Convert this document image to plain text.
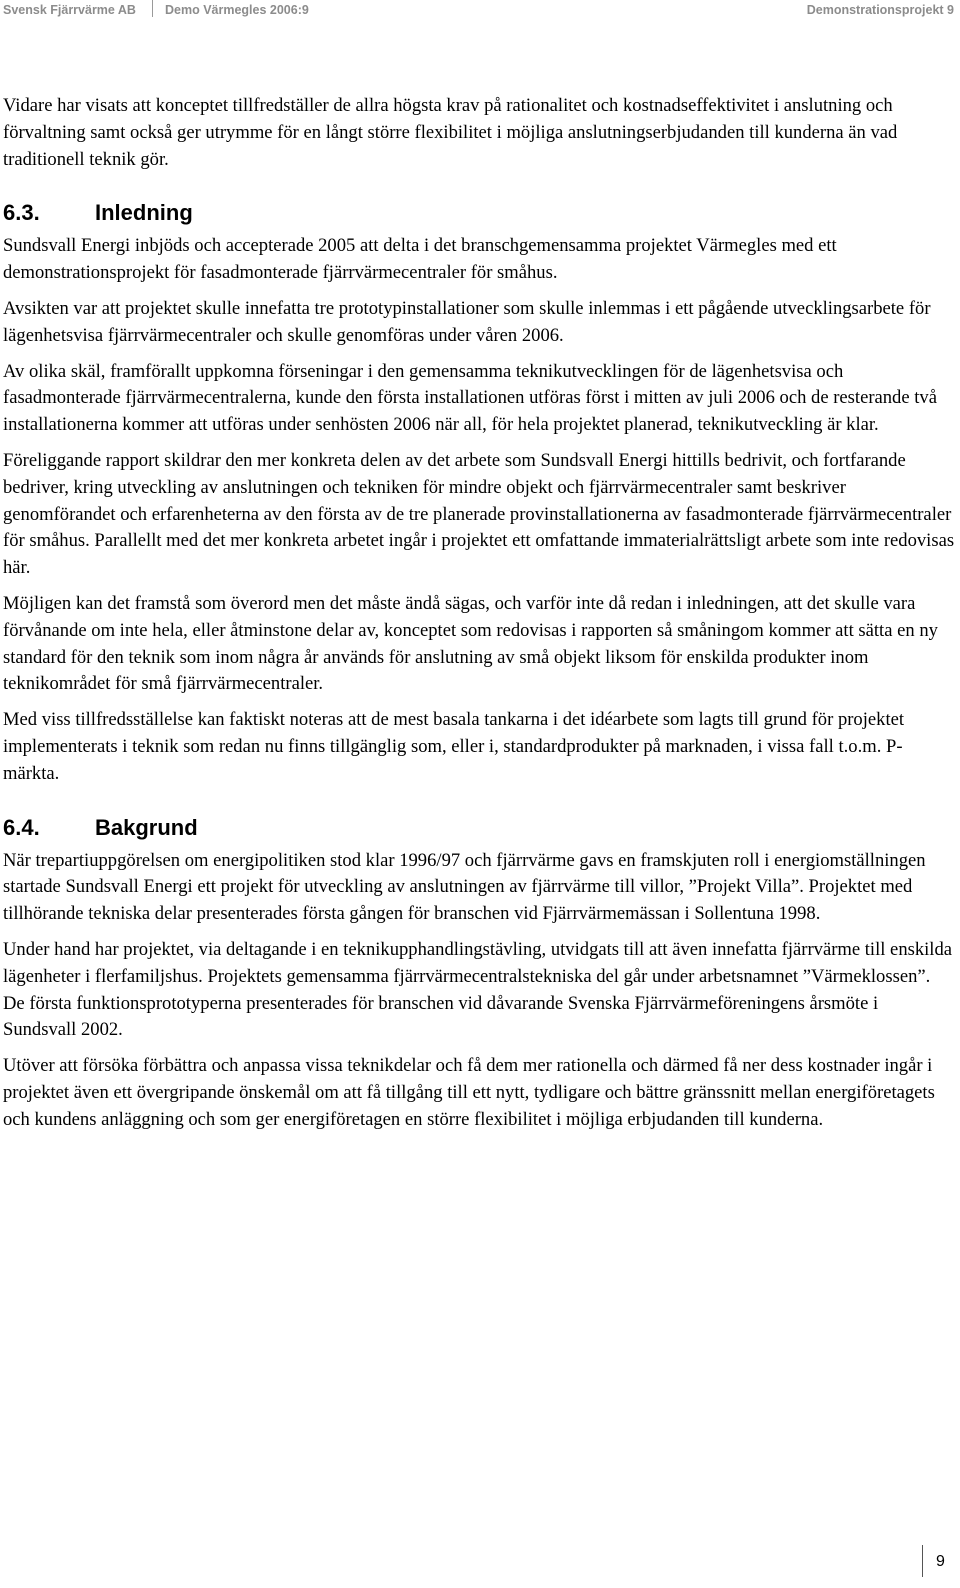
Svensk Fjärrvärme AB Demo Värmegles 2006:9	Demonstrationsprojekt 9

Vidare har visats att konceptet tillfredställer de allra högsta krav på rationalitet och kostnadseffektivitet i anslutning och förvaltning samt också ger utrymme för en långt större flexibilitet i möjliga anslutningserbjudanden till kunderna än vad traditionell teknik gör.

6.3.	Inledning

Sundsvall Energi inbjöds och accepterade 2005 att delta i det branschgemensamma projektet Värmegles med ett demonstrationsprojekt för fasadmonterade fjärrvärmecentraler för småhus.

Avsikten var att projektet skulle innefatta tre prototypinstallationer som skulle inlemmas i ett pågående utvecklingsarbete för lägenhetsvisa fjärrvärmecentraler och skulle genomföras under våren 2006.

Av olika skäl, framförallt uppkomna förseningar i den gemensamma teknikutvecklingen för de lägenhetsvisa och fasadmonterade fjärrvärmecentralerna, kunde den första installationen utföras först i mitten av juli 2006 och de resterande två installationerna kommer att utföras under senhösten 2006 när all, för hela projektet planerad, teknikutveckling är klar.

Föreliggande rapport skildrar den mer konkreta delen av det arbete som Sundsvall Energi hittills bedrivit, och fortfarande bedriver, kring utveckling av anslutningen och tekniken för mindre objekt och fjärrvärmecentraler samt beskriver genomförandet och erfarenheterna av den första av de tre planerade provinstallationerna av fasadmonterade fjärrvärmecentraler för småhus. Parallellt med det mer konkreta arbetet ingår i projektet ett omfattande immaterialrättsligt arbete som inte redovisas här.

Möjligen kan det framstå som överord men det måste ändå sägas, och varför inte då redan i inledningen, att det skulle vara förvånande om inte hela, eller åtminstone delar av, konceptet som redovisas i rapporten så småningom kommer att sätta en ny standard för den teknik som inom några år används för anslutning av små objekt liksom för enskilda produkter inom teknikområdet för små fjärrvärmecentraler.

Med viss tillfredsställelse kan faktiskt noteras att de mest basala tankarna i det idéarbete som lagts till grund för projektet implementerats i teknik som redan nu finns tillgänglig som, eller i, standardprodukter på marknaden, i vissa fall t.o.m. P-märkta.

6.4.	Bakgrund

När trepartiuppgörelsen om energipolitiken stod klar 1996/97 och fjärrvärme gavs en framskjuten roll i energiomställningen startade Sundsvall Energi ett projekt för utveckling av anslutningen av fjärrvärme till villor, ”Projekt Villa”. Projektet med tillhörande tekniska delar presenterades första gången för branschen vid Fjärrvärmemässan i Sollentuna 1998.

Under hand har projektet, via deltagande i en teknikupphandlingstävling, utvidgats till att även innefatta fjärrvärme till enskilda lägenheter i flerfamiljshus. Projektets gemensamma fjärrvärmecentralstekniska del går under arbetsnamnet ”Värmeklossen”. De första funktionsprototyperna presenterades för branschen vid dåvarande Svenska Fjärrvärmeföreningens årsmöte i Sundsvall 2002.

Utöver att försöka förbättra och anpassa vissa teknikdelar och få dem mer rationella och därmed få ner dess kostnader ingår i projektet även ett övergripande önskemål om att få tillgång till ett nytt, tydligare och bättre gränssnitt mellan energiföretagets och kundens anläggning och som ger energiföretagen en större flexibilitet i möjliga erbjudanden till kunderna.

9
